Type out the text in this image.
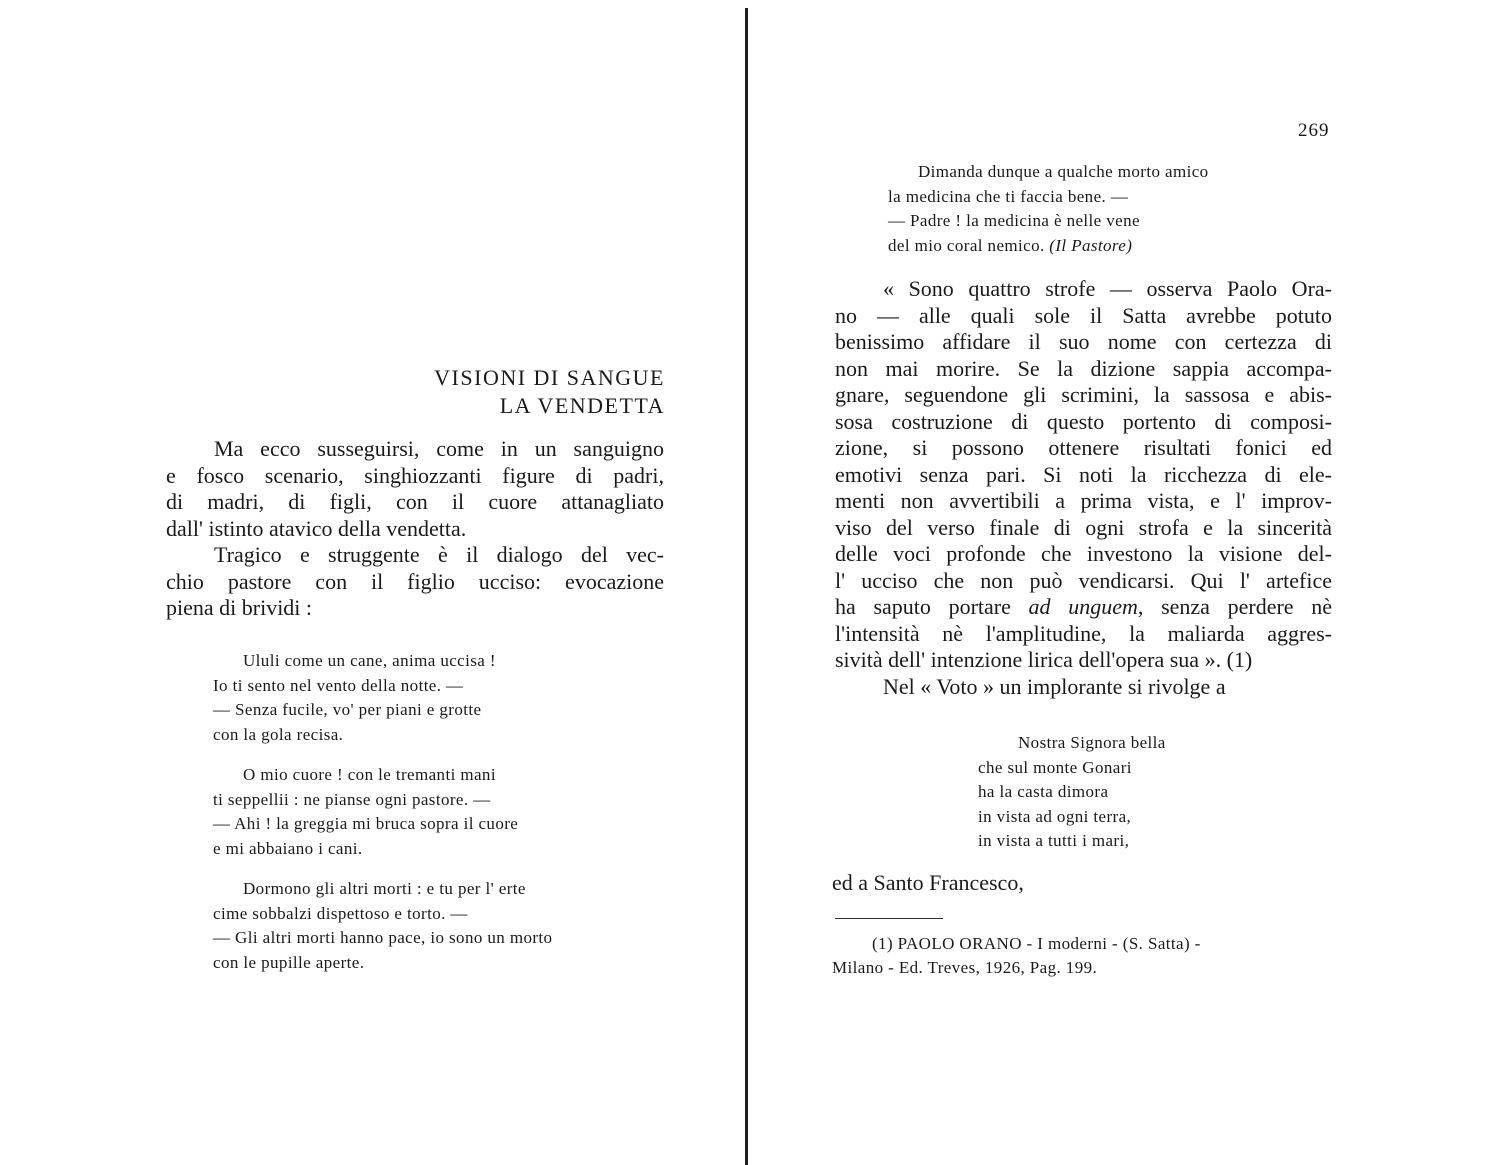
VISIONI DI SANGUE
LA VENDETTA
Ma ecco susseguirsi, come in un sanguigno
e fosco scenario, singhiozzanti figure di padri,
di madri, di figli, con il cuore attanagliato
dall' istinto atavico della vendetta.
Tragico e struggente è il dialogo del vec-
chio pastore con il figlio ucciso: evocazione
piena di brividi :
Ululi come un cane, anima uccisa !
Io ti sento nel vento della notte. —
— Senza fucile, vo' per piani e grotte
con la gola recisa.
O mio cuore ! con le tremanti mani
ti seppellii : ne pianse ogni pastore. —
— Ahi ! la greggia mi bruca sopra il cuore
e mi abbaiano i cani.
Dormono gli altri morti : e tu per l' erte
cime sobbalzi dispettoso e torto. —
— Gli altri morti hanno pace, io sono un morto
con le pupille aperte.
269
Dimanda dunque a qualche morto amico
la medicina che ti faccia bene. —
— Padre ! la medicina è nelle vene
del mio coral nemico. (Il Pastore)
« Sono quattro strofe — osserva Paolo Ora-
no — alle quali sole il Satta avrebbe potuto
benissimo affidare il suo nome con certezza di
non mai morire. Se la dizione sappia accompa-
gnare, seguendone gli scrimini, la sassosa e abis-
sosa costruzione di questo portento di composi-
zione, si possono ottenere risultati fonici ed
emotivi senza pari. Si noti la ricchezza di ele-
menti non avvertibili a prima vista, e l' improv-
viso del verso finale di ogni strofa e la sincerità
delle voci profonde che investono la visione del-
l' ucciso che non può vendicarsi. Qui l' artefice
ha saputo portare ad unguem, senza perdere nè
l'intensità nè l'amplitudine, la maliarda aggres-
sività dell' intenzione lirica dell'opera sua ». (1)
Nel « Voto » un implorante si rivolge a
Nostra Signora bella
che sul monte Gonari
ha la casta dimora
in vista ad ogni terra,
in vista a tutti i mari,
ed a Santo Francesco,
(1) PAOLO ORANO - I moderni - (S. Satta) -
Milano - Ed. Treves, 1926, Pag. 199.
